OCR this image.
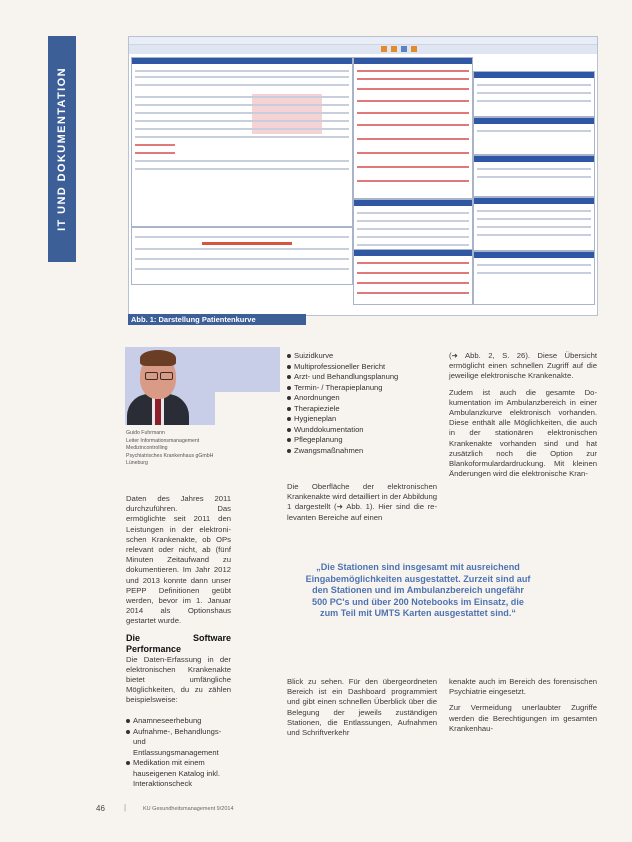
IT UND DOKUMENTATION
Abb. 1: Darstellung Patientenkurve
Guido Fuhrmann
Leiter Informationsmanagement
Medizincontrolling
Psychiatrisches Krankenhaus gGmbH
Lüneburg

Daten des Jahres 2011 durchzuführen. Das ermöglichte seit 2011 den Leistungen in der elektronischen Krankenakte, ob OPs relevant oder nicht, ab (fünf Minuten Zeitaufwand zu dokumentieren. Im Jahr 2012 und 2013 konnte dann unser PEPP Definitionen geübt werden, bevor im 1. Januar 2014 als Optionshaus gestartet wurde.

Die Software Performance

Die Daten-Erfassung in der elektronischen Krankenakte bietet umfängliche Möglichkeiten, du zu zählen beispielsweise:

Anamneseerhebung
Aufnahme-, Behandlungs- und Entlassungsmanagement
Medikation mit einem hauseigenen Katalog inkl. Interaktionscheck
Suizidkurve
Multiprofessioneller Bericht
Arzt- und Behandlungsplanung
Termin- / Therapieplanung
Anordnungen
Therapieziele
Hygieneplan
Wunddokumentation
Pflegeplanung
Zwangsmaßnahmen

Die Oberfläche der elektronischen Krankenakte wird detailliert in der Abbildung 1 dargestellt (➜ Abb. 1). Hier sind die relevanten Bereiche auf einen

Blick zu sehen. Für den übergeordneten Bereich ist ein Dashboard programmiert und gibt einen schnellen Überblick über die Belegung der jeweils zuständigen Stationen, die Entlassungen, Aufnahmen und Schriftverkehr

(➜ Abb. 2, S. 26). Diese Übersicht ermöglicht einen schnellen Zugriff auf die jeweilige elektronische Krankenakte.

Zudem ist auch die gesamte Dokumentation im Ambulanzbereich in einer Ambulanzkurve elektronisch vorhanden. Diese enthält alle Möglichkeiten, die auch in der stationären elektronischen Krankenakte vorhanden sind und hat zusätzlich noch die Option zur Blankoformulardardruckung. Mit kleinen Änderungen wird die elektronische Kran-

kenakte auch im Bereich des forensischen Psychiatrie eingesetzt.

Zur Vermeidung unerlaubter Zugriffe werden die Berechtigungen im gesamten Krankenhau-

„Die Stationen sind insgesamt mit ausreichend Eingabemöglichkeiten ausgestattet. Zurzeit sind auf den Stationen und im Ambulanzbereich ungefähr 500 PC's und über 200 Notebooks im Einsatz, die zum Teil mit UMTS Karten ausgestattet sind.“
46 |	KU Gesundheitsmanagement 9/2014
